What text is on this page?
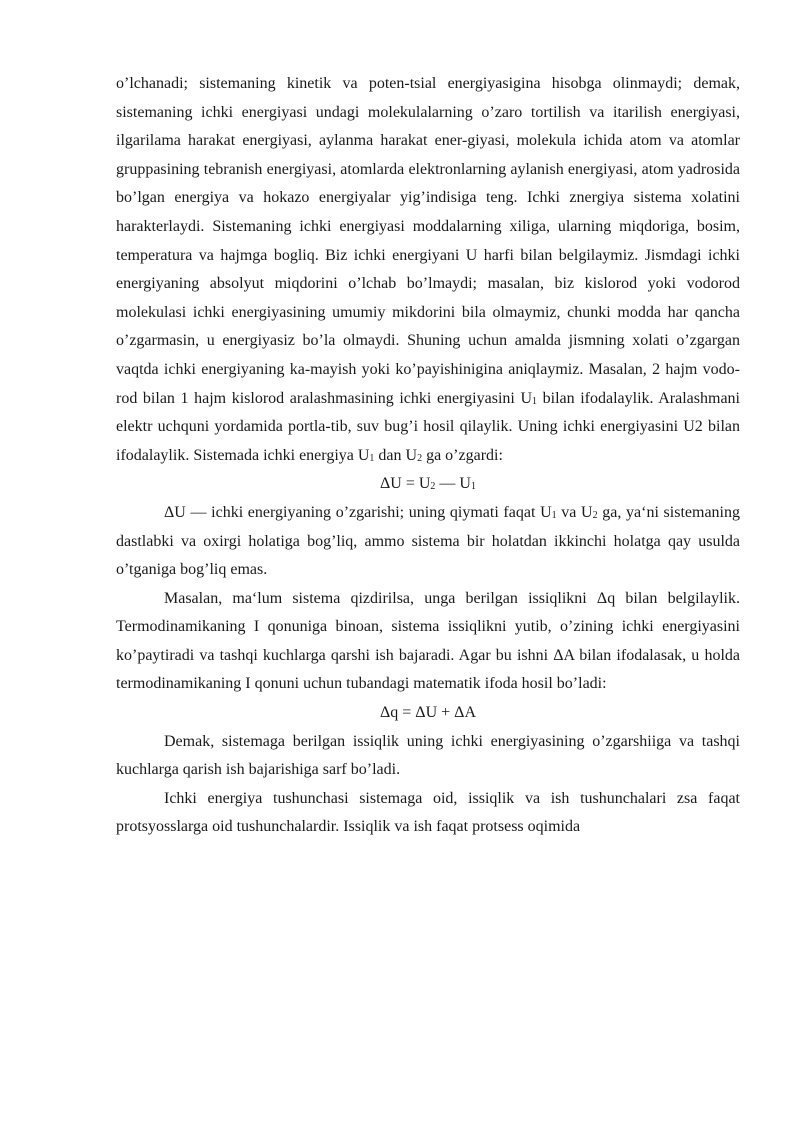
o’lchanadi; sistemaning kinetik va poten-tsial energiyasigina hisobga olinmaydi; demak, sistemaning ichki energiyasi undagi molekulalarning o’zaro tortilish va itarilish energiyasi, ilgarilama harakat energiyasi, aylanma harakat ener-giyasi, molekula ichida atom va atomlar gruppasining tebranish energiyasi, atomlarda elektronlarning aylanish energiyasi, atom yadrosida bo’lgan energiya va hokazo energiyalar yig’indisiga teng. Ichki znergiya sistema xolatini harakterlaydi. Sistemaning ichki energiyasi moddalarning xiliga, ularning miqdoriga, bosim, temperatura va hajmga bogliq. Biz ichki energiyani U harfi bilan belgilaymiz. Jismdagi ichki energiyaning absolyut miqdorini o’lchab bo’lmaydi; masalan, biz kislorod yoki vodorod molekulasi ichki energiyasining umumiy mikdorini bila olmaymiz, chunki modda har qancha o’zgarmasin, u energiyasiz bo’la olmaydi. Shuning uchun amalda jismning xolati o’zgargan vaqtda ichki energiyaning ka-mayish yoki ko’payishinigina aniqlaymiz. Masalan, 2 hajm vodo-rod bilan 1 hajm kislorod aralashmasining ichki energiyasini $U_1$ bilan ifodalaylik. Aralashmani elektr uchquni yordamida portla-tib, suv bug’i hosil qilaylik. Uning ichki energiyasini U2 bilan ifodalaylik. Sistemada ichki energiya $U_1$ dan $U_2$ ga o’zgardi:

$\Delta U = U_2$ — $U_1$

ΔU — ichki energiyaning o’zgarishi; uning qiymati faqat $U_1$ va $U_2$ ga, ya‘ni sistemaning dastlabki va oxirgi holatiga bog’liq, ammo sistema bir holatdan ikkinchi holatga qay usulda o’tganiga bog’liq emas.

Masalan, ma‘lum sistema qizdirilsa, unga berilgan issiqlikni Δq bilan belgilaylik. Termodinamikaning I qonuniga binoan, sistema issiqlikni yutib, o’zining ichki energiyasini ko’paytiradi va tashqi kuchlarga qarshi ish bajaradi. Agar bu ishni ΔA bilan ifodalasak, u holda termodinamikaning I qonuni uchun tubandagi matematik ifoda hosil bo’ladi:

Δq = ΔU + ΔA

Demak, sistemaga berilgan issiqlik uning ichki energiyasining o’zgarshiiga va tashqi kuchlarga qarish ish bajarishiga sarf bo’ladi.

Ichki energiya tushunchasi sistemaga oid, issiqlik va ish tushunchalari zsa faqat protsyosslarga oid tushunchalardir. Issiqlik va ish faqat protsess oqimida
